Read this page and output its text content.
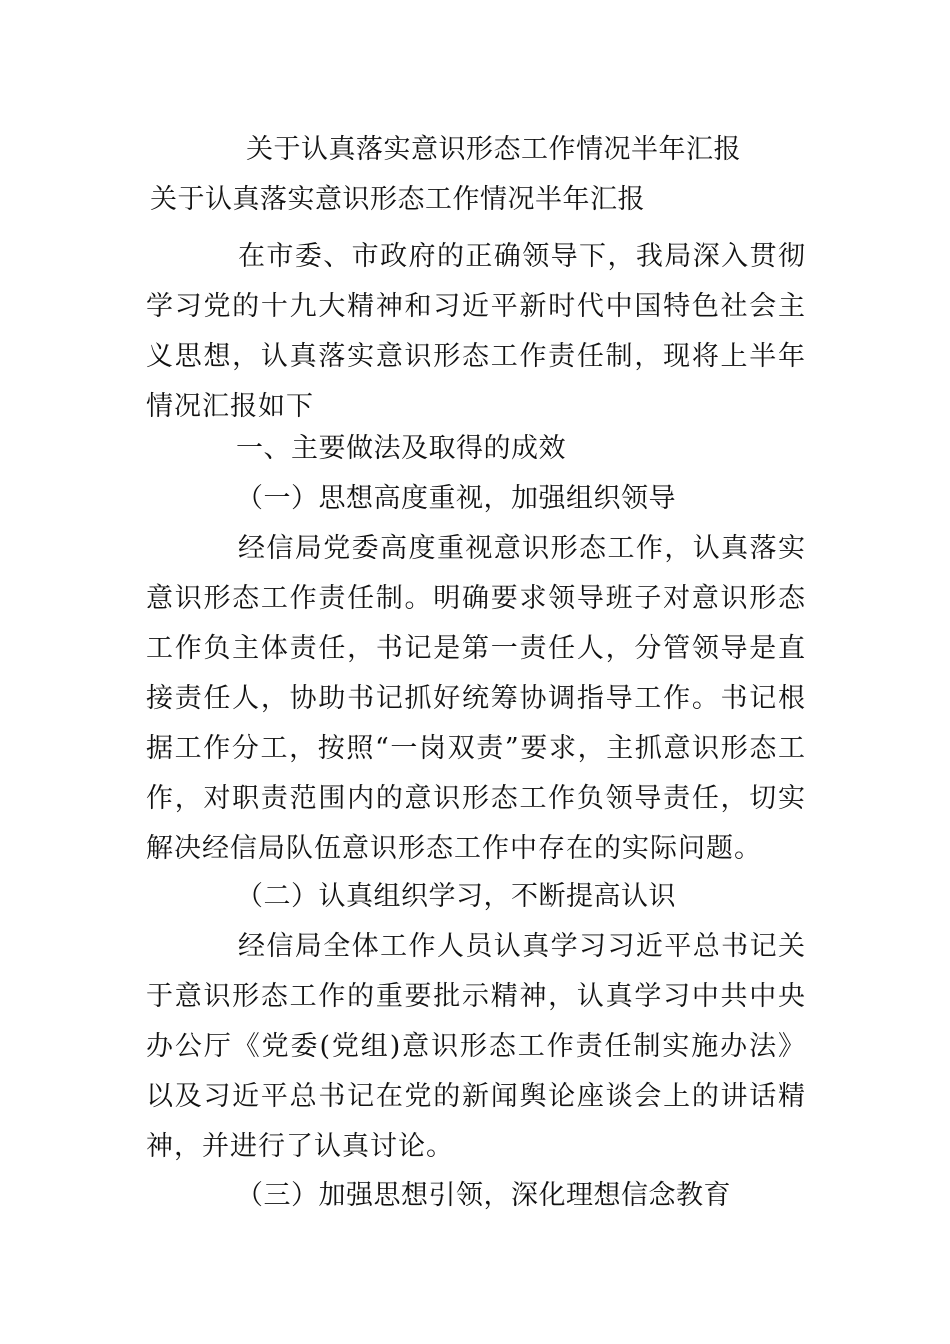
关于认真落实意识形态工作情况半年汇报
关于认真落实意识形态工作情况半年汇报
在市委、市政府的正确领导下，我局深入贯彻学习党的十九大精神和习近平新时代中国特色社会主义思想，认真落实意识形态工作责任制，现将上半年情况汇报如下
一、主要做法及取得的成效
（一）思想高度重视，加强组织领导
经信局党委高度重视意识形态工作，认真落实意识形态工作责任制。明确要求领导班子对意识形态工作负主体责任，书记是第一责任人，分管领导是直接责任人，协助书记抓好统筹协调指导工作。书记根据工作分工，按照“一岗双责”要求，主抓意识形态工作，对职责范围内的意识形态工作负领导责任，切实解决经信局队伍意识形态工作中存在的实际问题。
（二）认真组织学习，不断提高认识
经信局全体工作人员认真学习习近平总书记关于意识形态工作的重要批示精神，认真学习中共中央办公厅《党委(党组)意识形态工作责任制实施办法》以及习近平总书记在党的新闻舆论座谈会上的讲话精神，并进行了认真讨论。
（三）加强思想引领，深化理想信念教育
